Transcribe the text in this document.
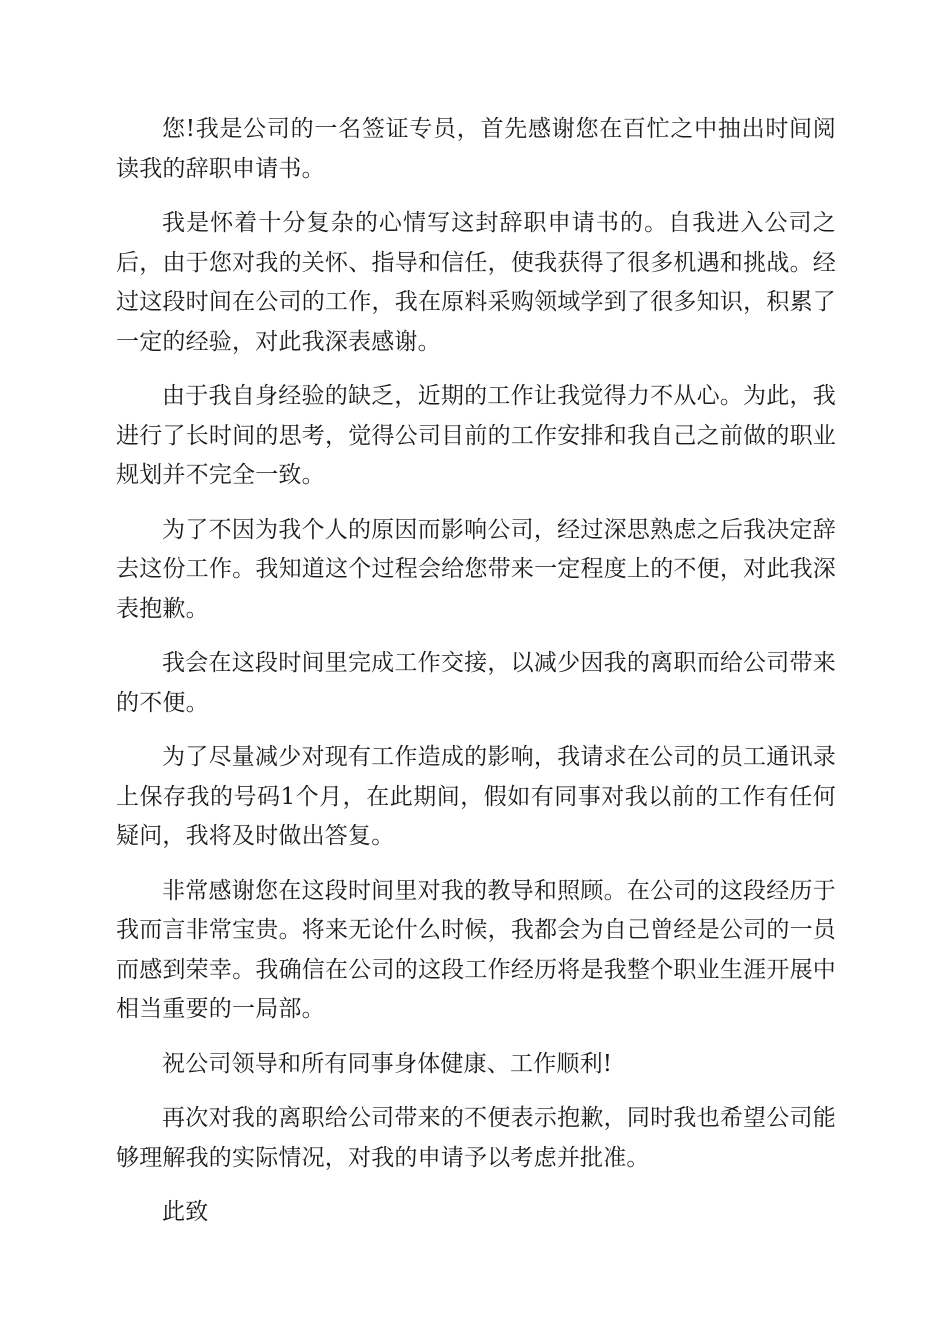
您!我是公司的一名签证专员，首先感谢您在百忙之中抽出时间阅读我的辞职申请书。

我是怀着十分复杂的心情写这封辞职申请书的。自我进入公司之后，由于您对我的关怀、指导和信任，使我获得了很多机遇和挑战。经过这段时间在公司的工作，我在原料采购领域学到了很多知识，积累了一定的经验，对此我深表感谢。

由于我自身经验的缺乏，近期的工作让我觉得力不从心。为此，我进行了长时间的思考，觉得公司目前的工作安排和我自己之前做的职业规划并不完全一致。

为了不因为我个人的原因而影响公司，经过深思熟虑之后我决定辞去这份工作。我知道这个过程会给您带来一定程度上的不便，对此我深表抱歉。

我会在这段时间里完成工作交接，以减少因我的离职而给公司带来的不便。

为了尽量减少对现有工作造成的影响，我请求在公司的员工通讯录上保存我的号码1个月，在此期间，假如有同事对我以前的工作有任何疑问，我将及时做出答复。

非常感谢您在这段时间里对我的教导和照顾。在公司的这段经历于我而言非常宝贵。将来无论什么时候，我都会为自己曾经是公司的一员而感到荣幸。我确信在公司的这段工作经历将是我整个职业生涯开展中相当重要的一局部。

祝公司领导和所有同事身体健康、工作顺利!

再次对我的离职给公司带来的不便表示抱歉，同时我也希望公司能够理解我的实际情况，对我的申请予以考虑并批准。

此致
